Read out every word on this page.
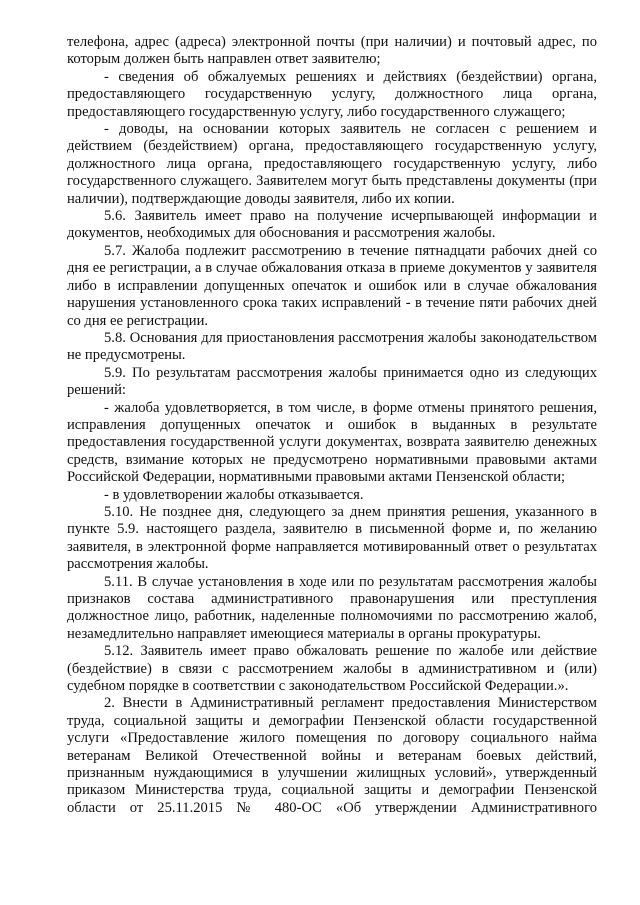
телефона, адрес (адреса) электронной почты (при наличии) и почтовый адрес, по которым должен быть направлен ответ заявителю;

- сведения об обжалуемых решениях и действиях (бездействии) органа, предоставляющего государственную услугу, должностного лица органа, предоставляющего государственную услугу, либо государственного служащего;

- доводы, на основании которых заявитель не согласен с решением и действием (бездействием) органа, предоставляющего государственную услугу, должностного лица органа, предоставляющего государственную услугу, либо государственного служащего. Заявителем могут быть представлены документы (при наличии), подтверждающие доводы заявителя, либо их копии.

5.6. Заявитель имеет право на получение исчерпывающей информации и документов, необходимых для обоснования и рассмотрения жалобы.

5.7. Жалоба подлежит рассмотрению в течение пятнадцати рабочих дней со дня ее регистрации, а в случае обжалования отказа в приеме документов у заявителя либо в исправлении допущенных опечаток и ошибок или в случае обжалования нарушения установленного срока таких исправлений - в течение пяти рабочих дней со дня ее регистрации.

5.8. Основания для приостановления рассмотрения жалобы законодательством не предусмотрены.

5.9. По результатам рассмотрения жалобы принимается одно из следующих решений:

- жалоба удовлетворяется, в том числе, в форме отмены принятого решения, исправления допущенных опечаток и ошибок в выданных в результате предоставления государственной услуги документах, возврата заявителю денежных средств, взимание которых не предусмотрено нормативными правовыми актами Российской Федерации, нормативными правовыми актами Пензенской области;

- в удовлетворении жалобы отказывается.

5.10. Не позднее дня, следующего за днем принятия решения, указанного в пункте 5.9. настоящего раздела, заявителю в письменной форме и, по желанию заявителя, в электронной форме направляется мотивированный ответ о результатах рассмотрения жалобы.

5.11. В случае установления в ходе или по результатам рассмотрения жалобы признаков состава административного правонарушения или преступления должностное лицо, работник, наделенные полномочиями по рассмотрению жалоб, незамедлительно направляет имеющиеся материалы в органы прокуратуры.

5.12. Заявитель имеет право обжаловать решение по жалобе или действие (бездействие) в связи с рассмотрением жалобы в административном и (или) судебном порядке в соответствии с законодательством Российской Федерации.».

2. Внести в Административный регламент предоставления Министерством труда, социальной защиты и демографии Пензенской области государственной услуги «Предоставление жилого помещения по договору социального найма ветеранам Великой Отечественной войны и ветеранам боевых действий, признанным нуждающимися в улучшении жилищных условий», утвержденный приказом Министерства труда, социальной защиты и демографии Пензенской области от 25.11.2015 № 480-ОС «Об утверждении Административного
